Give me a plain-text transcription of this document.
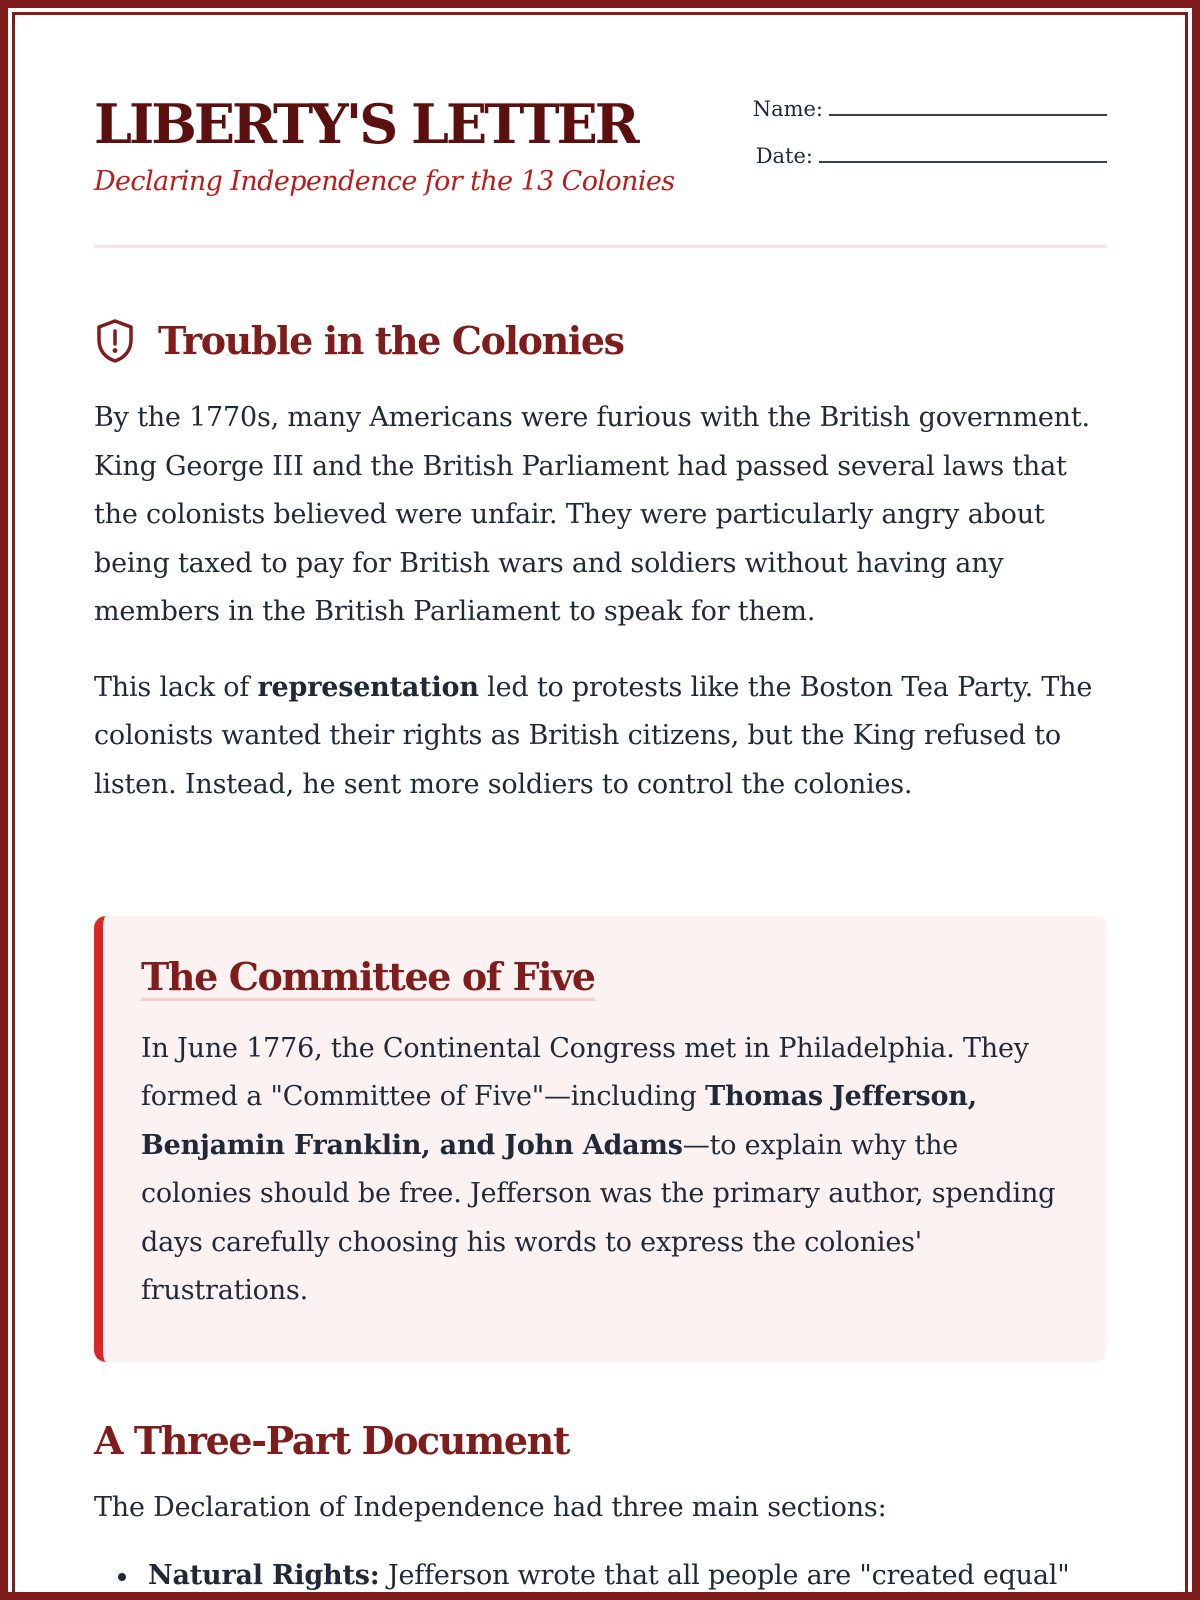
LIBERTY'S LETTER

Declaring Independence for the 13 Colonies

Name:
Date:
Trouble in the Colonies

By the 1770s, many Americans were furious with the British government. King George III and the British Parliament had passed several laws that the colonists believed were unfair. They were particularly angry about being taxed to pay for British wars and soldiers without having any members in the British Parliament to speak for them.

This lack of representation led to protests like the Boston Tea Party. The colonists wanted their rights as British citizens, but the King refused to listen. Instead, he sent more soldiers to control the colonies.

The Committee of Five

In June 1776, the Continental Congress met in Philadelphia. They formed a "Committee of Five"—including Thomas Jefferson, Benjamin Franklin, and John Adams—to explain why the colonies should be free. Jefferson was the primary author, spending days carefully choosing his words to express the colonies' frustrations.

A Three-Part Document

The Declaration of Independence had three main sections:

Natural Rights: Jefferson wrote that all people are "created equal"
